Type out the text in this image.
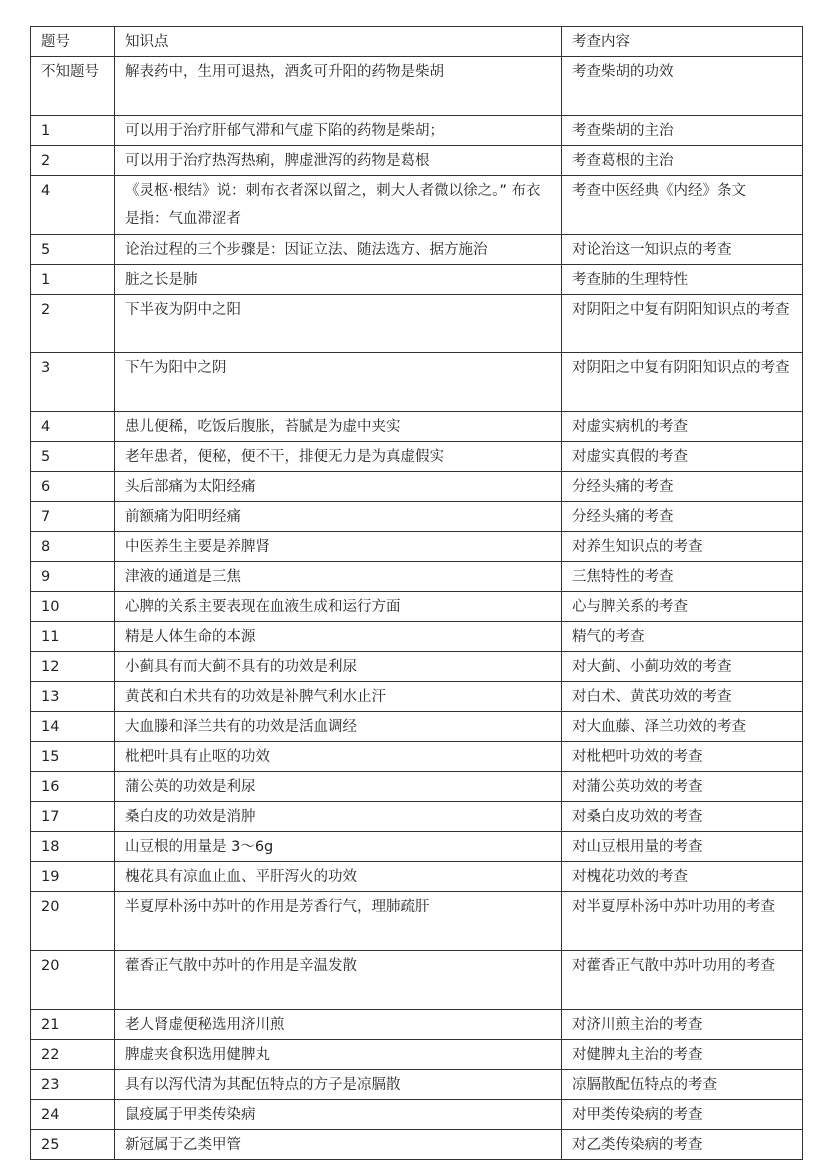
题号	知识点	考查内容
不知题号	解表药中，生用可退热，酒炙可升阳的药物是柴胡	考查柴胡的功效
1	可以用于治疗肝郁气滞和气虚下陷的药物是柴胡；	考查柴胡的主治
2	可以用于治疗热泻热痢，脾虚泄泻的药物是葛根	考查葛根的主治
4	《灵枢·根结》说：刺布衣者深以留之，刺大人者微以徐之。” 布衣是指：气血滞涩者	考查中医经典《内经》条文
5	论治过程的三个步骤是：因证立法、随法选方、据方施治	对论治这一知识点的考查
1	脏之长是肺	考查肺的生理特性
2	下半夜为阴中之阳	对阴阳之中复有阴阳知识点的考查
3	下午为阳中之阴	对阴阳之中复有阴阳知识点的考查
4	患儿便稀，吃饭后腹胀，苔腻是为虚中夹实	对虚实病机的考查
5	老年患者，便秘，便不干，排便无力是为真虚假实	对虚实真假的考查
6	头后部痛为太阳经痛	分经头痛的考查
7	前额痛为阳明经痛	分经头痛的考查
8	中医养生主要是养脾肾	对养生知识点的考查
9	津液的通道是三焦	三焦特性的考查
10	心脾的关系主要表现在血液生成和运行方面	心与脾关系的考查
11	精是人体生命的本源	精气的考查
12	小蓟具有而大蓟不具有的功效是利尿	对大蓟、小蓟功效的考查
13	黄芪和白术共有的功效是补脾气利水止汗	对白术、黄芪功效的考查
14	大血滕和泽兰共有的功效是活血调经	对大血藤、泽兰功效的考查
15	枇杷叶具有止呕的功效	对枇杷叶功效的考查
16	蒲公英的功效是利尿	对蒲公英功效的考查
17	桑白皮的功效是消肿	对桑白皮功效的考查
18	山豆根的用量是 3～6g	对山豆根用量的考查
19	槐花具有凉血止血、平肝泻火的功效	对槐花功效的考查
20	半夏厚朴汤中苏叶的作用是芳香行气，理肺疏肝	对半夏厚朴汤中苏叶功用的考查
20	藿香正气散中苏叶的作用是辛温发散	对藿香正气散中苏叶功用的考查
21	老人肾虚便秘选用济川煎	对济川煎主治的考查
22	脾虚夹食积选用健脾丸	对健脾丸主治的考查
23	具有以泻代清为其配伍特点的方子是凉膈散	凉膈散配伍特点的考查
24	鼠疫属于甲类传染病	对甲类传染病的考查
25	新冠属于乙类甲管	对乙类传染病的考查
